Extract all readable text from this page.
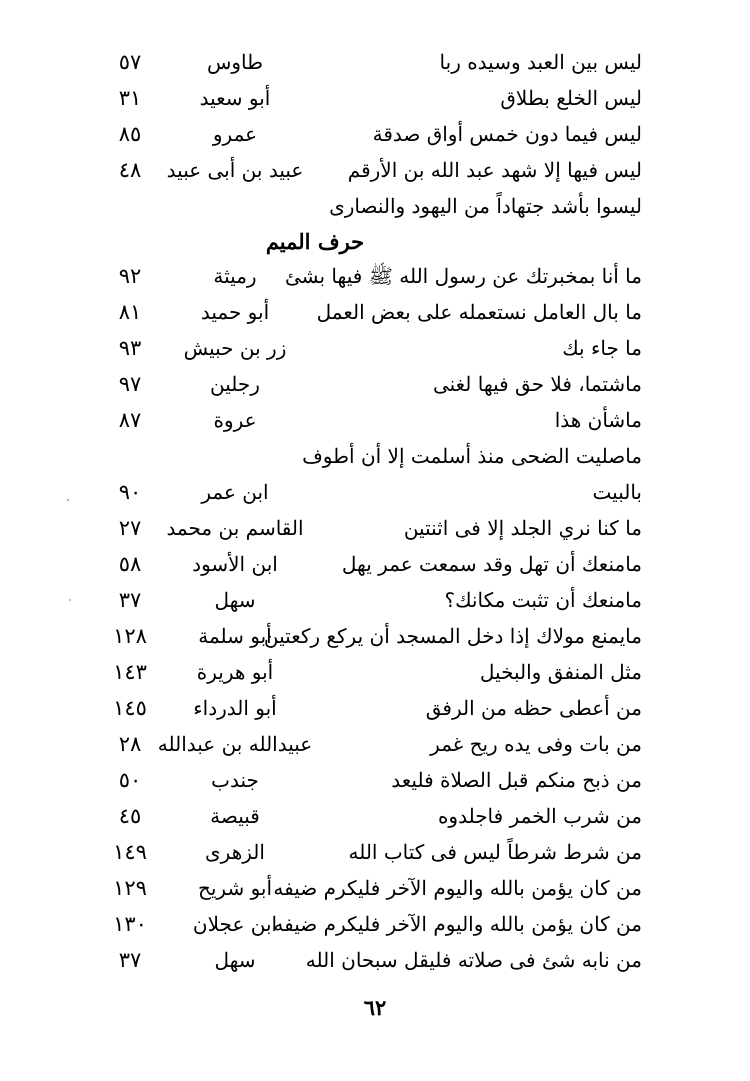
ليس بين العبد وسيده ربا
طاوس
٥٧
ليس الخلع بطلاق
أبو سعيد
٣١
ليس فيما دون خمس أواق صدقة
عمرو
٨٥
ليس فيها إلا شهد عبد الله بن الأرقم
عبيد بن أبى عبيد
٤٨
ليسوا بأشد جتهاداً من اليهود والنصارى
حرف الميم
ما أنا بمخبرتك عن رسول الله ﷺ فيها بشئ
رميثة
٩٢
ما بال العامل نستعمله على بعض العمل
أبو حميد
٨١
ما جاء بك
زر بن حبيش
٩٣
ماشتما، فلا حق فيها لغنى
رجلين
٩٧
ماشأن هذا
عروة
٨٧
ماصليت الضحى منذ أسلمت إلا أن أطوف
بالبيت
ابن عمر
٩٠
ما كنا نري الجلد إلا فى اثنتين
القاسم بن محمد
٢٧
مامنعك أن تهل وقد سمعت عمر يهل
ابن الأسود
٥٨
مامنعك أن تثبت مكانك؟
سهل
٣٧
مايمنع مولاك إذا دخل المسجد أن يركع ركعتين
أبو سلمة
١٢٨
مثل المنفق والبخيل
أبو هريرة
١٤٣
من أعطى حظه من الرفق
أبو الدرداء
١٤٥
من بات وفى يده ريح غمر
عبيدالله بن عبدالله
٢٨
من ذبح منكم قبل الصلاة فليعد
جندب
٥٠
من شرب الخمر فاجلدوه
قبيصة
٤٥
من شرط شرطاً ليس فى كتاب الله
الزهرى
١٤٩
من كان يؤمن بالله واليوم الآخر فليكرم ضيفه
أبو شريح
١٢٩
من كان يؤمن بالله واليوم الآخر فليكرم ضيفه
ابن عجلان
١٣٠
من نابه شئ فى صلاته فليقل سبحان الله
سهل
٣٧
٦٢
